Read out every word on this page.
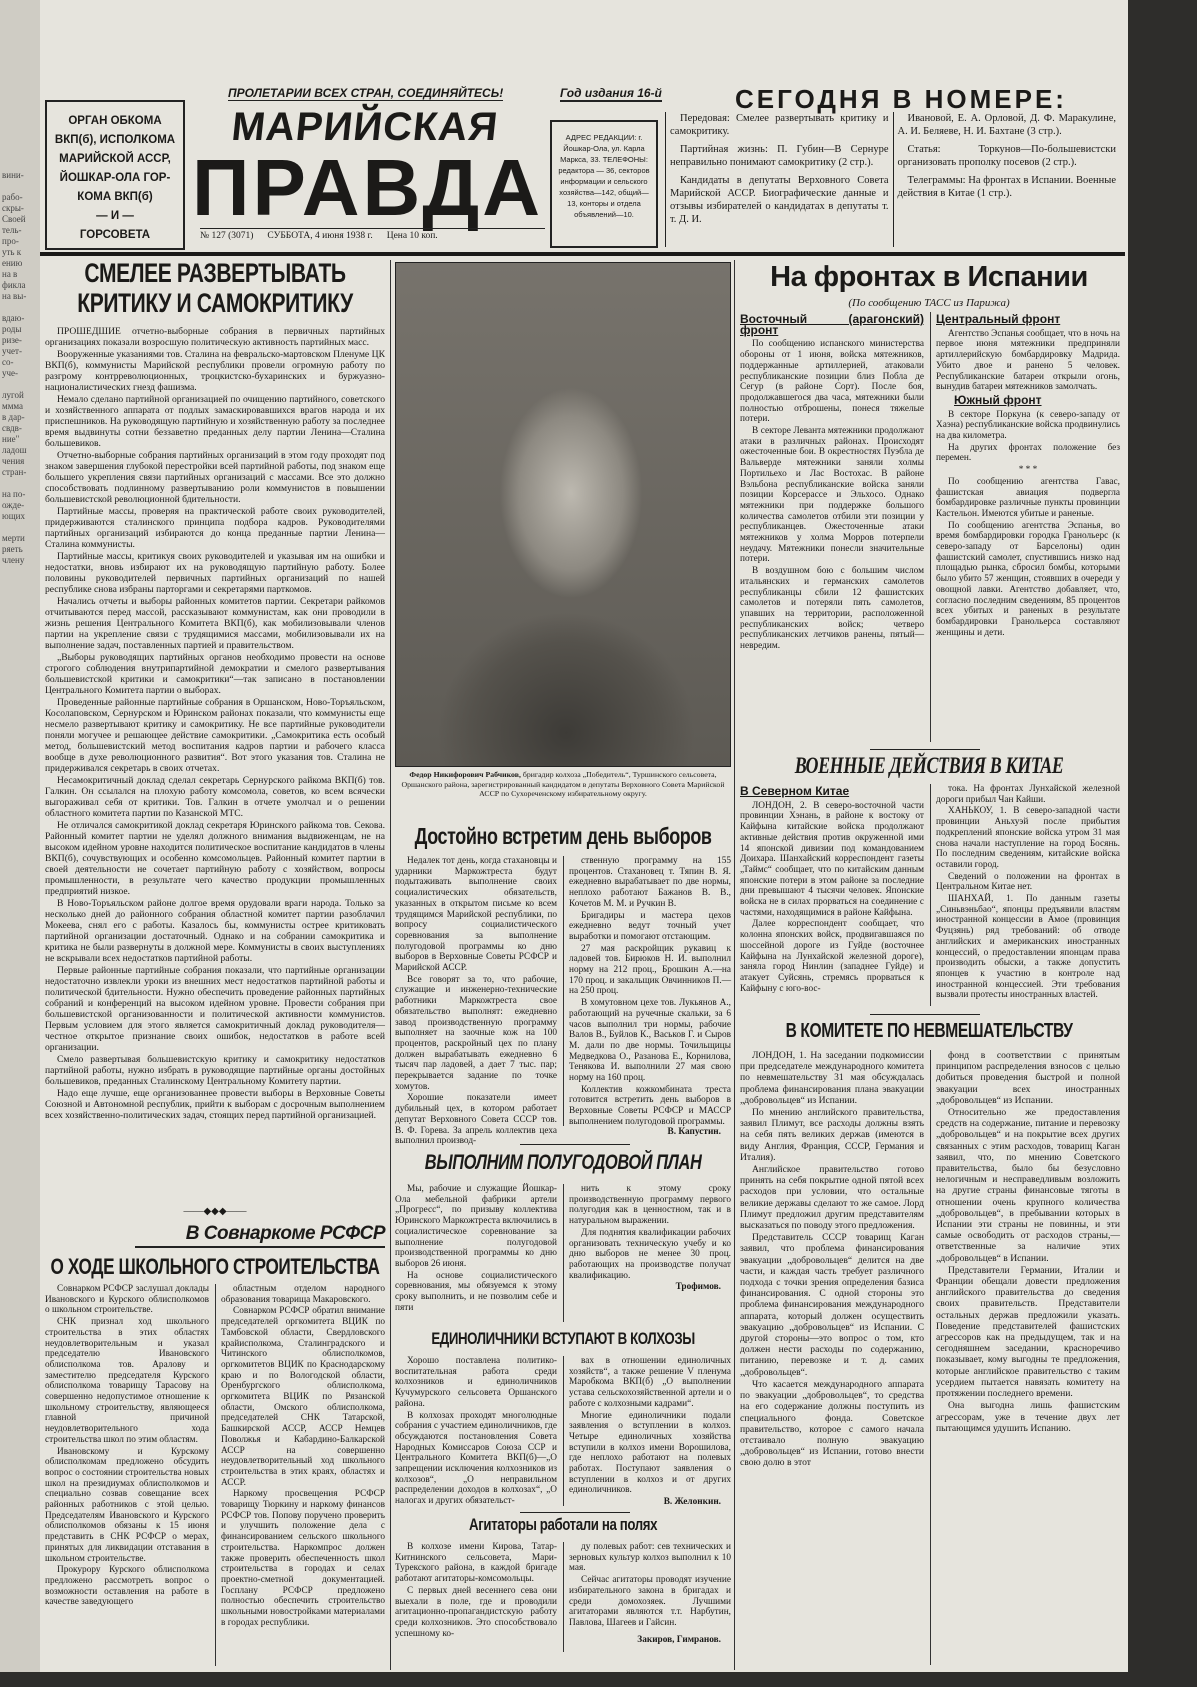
вини-

рабо-
скры-
Своей
тель-
про-
уть к
ению
на в
фикла
на вы-

вдаю-
роды
ризе-
учет-
со-
уче-

лугой
ммма
в дар-
свдв-
ние"
ладош
чения
стран-

на по-
ожде-
ющих

мерти
ряеть
члену
ОРГАН ОБКОМА
ВКП(б), ИСПОЛКОМА
МАРИЙСКОЙ АССР,
ЙОШКАР-ОЛА ГОР-
КОМА ВКП(б)
— И —
ГОРСОВЕТА
ПРОЛЕТАРИИ ВСЕХ СТРАН, СОЕДИНЯЙТЕСЬ!	Год издания 16-й
МАРИЙСКАЯ
ПРАВДА
№ 127 (3071) СУББОТА, 4 июня 1938 г. Цена 10 коп.
АДРЕС РЕДАКЦИИ: г. Йошкар-Ола, ул. Карла Маркса, 33. ТЕЛЕФОНЫ: редактора — 36, секторов информации и сельского хозяйства—142, общий—13, конторы и отдела объявлений—10.
СЕГОДНЯ В НОМЕРЕ:

Передовая: Смелее развертывать критику и самокритику.

Партийная жизнь: П. Губин—В Сернуре неправильно понимают самокритику (2 стр.).

Кандидаты в депутаты Верховного Совета Марийской АССР. Биографические данные и отзывы избирателей о кандидатах в депутаты т. т. Д. И.

Ивановой, Е. А. Орловой, Д. Ф. Маракулине, А. И. Беляеве, Н. И. Бахтане (3 стр.).

Статья: Торкунов—По-большевистски организовать прополку посевов (2 стр.).

Телеграммы: На фронтах в Испании. Военные действия в Китае (1 стр.).

СМЕЛЕЕ РАЗВЕРТЫВАТЬ КРИТИКУ И САМОКРИТИКУ

ПРОШЕДШИЕ отчетно-выборные собрания в первичных партийных организациях показали возросшую политическую активность партийных масс.

Вооруженные указаниями тов. Сталина на февральско-мартовском Пленуме ЦК ВКП(б), коммунисты Марийской республики провели огромную работу по разгрому контрреволюционных, троцкистско-бухаринских и буржуазно-националистических гнезд фашизма.

Немало сделано партийной организацией по очищению партийного, советского и хозяйственного аппарата от подлых замаскировавшихся врагов народа и их приспешников. На руководящую партийную и хозяйственную работу за последнее время выдвинуты сотни беззаветно преданных делу партии Ленина—Сталина большевиков.

Отчетно-выборные собрания партийных организаций в этом году проходят под знаком завершения глубокой перестройки всей партийной работы, под знаком еще большего укрепления связи партийных организаций с массами. Все это должно способствовать подлинному развертыванию роли коммунистов в повышении большевистской революционной бдительности.

Партийные массы, проверяя на практической работе своих руководителей, придерживаются сталинского принципа подбора кадров. Руководителями партийных организаций избираются до конца преданные партии Ленина—Сталина коммунисты.

Партийные массы, критикуя своих руководителей и указывая им на ошибки и недостатки, вновь избирают их на руководящую партийную работу. Более половины руководителей первичных партийных организаций по нашей республике снова избраны парторгами и секретарями парткомов.

Начались отчеты и выборы районных комитетов партии. Секретари райкомов отчитываются перед массой, рассказывают коммунистам, как они проводили в жизнь решения Центрального Комитета ВКП(б), как мобилизовывали членов партии на укрепление связи с трудящимися массами, мобилизовывали их на выполнение задач, поставленных партией и правительством.

„Выборы руководящих партийных органов необходимо провести на основе строгого соблюдения внутрипартийной демократии и смелого развертывания большевистской критики и самокритики“—так записано в постановлении Центрального Комитета партии о выборах.

Проведенные районные партийные собрания в Оршанском, Ново-Торъяльском, Косолаповском, Сернурском и Юринском районах показали, что коммунисты еще несмело развертывают критику и самокритику. Не все партийные руководители поняли могучее и решающее действие самокритики. „Самокритика есть особый метод, большевистский метод воспитания кадров партии и рабочего класса вообще в духе революционного развития“. Вот этого указания тов. Сталина не придерживался секретарь в своих отчетах.

Несамокритичный доклад сделал секретарь Сернурского райкома ВКП(б) тов. Галкин. Он ссылался на плохую работу комсомола, советов, ко всем всячески выгораживал себя от критики. Тов. Галкин в отчете умолчал и о решении областного комитета партии по Казанской МТС.

Не отличался самокритикой доклад секретаря Юринского райкома тов. Секова. Районный комитет партии не уделял должного внимания выдвиженцам, не на высоком идейном уровне находится политическое воспитание кандидатов в члены ВКП(б), сочувствующих и особенно комсомольцев. Районный комитет партии в своей деятельности не сочетает партийную работу с хозяйством, вопросы промышленности, в результате чего качество продукции промышленных предприятий низкое.

В Ново-Торъяльском районе долгое время орудовали враги народа. Только за несколько дней до районного собрания областной комитет партии разоблачил Мокеева, снял его с работы. Казалось бы, коммунисты острее критиковать партийной организации достаточный. Однако и на собрании самокритика и критика не были развернуты в должной мере. Коммунисты в своих выступлениях не вскрывали всех недостатков партийной работы.

Первые районные партийные собрания показали, что партийные организации недостаточно извлекли уроки из внешних мест недостатков партийной работы и политической бдительности. Нужно обеспечить проведение районных партийных собраний и конференций на высоком идейном уровне. Провести собрания при большевистской организованности и политической активности коммунистов. Первым условием для этого является самокритичный доклад руководителя—честное открытое признание своих ошибок, недостатков в работе всей организации.

Смело развертывая большевистскую критику и самокритику недостатков партийной работы, нужно избрать в руководящие партийные органы достойных большевиков, преданных Сталинскому Центральному Комитету партии.

Надо еще лучше, еще организованнее провести выборы в Верховные Советы Союзной и Автономной республик, прийти к выборам с досрочным выполнением всех хозяйственно-политических задач, стоящих перед партийной организацией.

——◆◆◆——
В Совнаркоме РСФСР
О ХОДЕ ШКОЛЬНОГО СТРОИТЕЛЬСТВА

Совнарком РСФСР заслушал доклады Ивановского и Курского облисполкомов о школьном строительстве.

СНК признал ход школьного строительства в этих областях неудовлетворительным и указал председателю Ивановского облисполкома тов. Аралову и заместителю председателя Курского облисполкома товарищу Тарасову на совершенно недопустимое отношение к школьному строительству, являющееся главной причиной неудовлетворительного хода строительства школ по этим областям.

Ивановскому и Курскому облисполкомам предложено обсудить вопрос о состоянии строительства новых школ на президиумах облисполкомов и специально созвав совещание всех районных работников с этой целью. Председателям Ивановского и Курского облисполкомов обязаны к 15 июня представить в СНК РСФСР о мерах, принятых для ликвидации отставания в школьном строительстве.

Прокурору Курского облисполкома предложено рассмотреть вопрос о возможности оставления на работе в качестве заведующего

областным отделом народного образования товарища Макаровского.

Совнарком РСФСР обратил внимание председателей оргкомитета ВЦИК по Тамбовской области, Свердловского крайисполкома, Сталинградского и Читинского облисполкомов, оргкомитетов ВЦИК по Краснодарскому краю и по Вологодской области, Оренбургского облисполкома, оргкомитета ВЦИК по Рязанской области, Омского облисполкома, председателей СНК Татарской, Башкирской АССР, АССР Немцев Поволжья и Кабардино-Балкарской АССР на совершенно неудовлетворительный ход школьного строительства в этих краях, областях и АССР.

Наркому просвещения РСФСР товарищу Тюркину и наркому финансов РСФСР тов. Попову поручено проверить и улучшить положение дела с финансированием сельского школьного строительства. Наркомпрос должен также проверить обеспеченность школ строительства в городах и селах проектно-сметной документацией. Госплану РСФСР предложено полностью обеспечить строительство школьными новостройками материалами в городах республики.

Федор Никифорович Рабчиков, бригадир колхоза „Победитель“, Туршинского сельсовета, Оршанского района, зарегистрированный кандидатом в депутаты Верховного Совета Марийской АССР по Сухореченскому избирательному округу.
Достойно встретим день выборов

Недалек тот день, когда стахановцы и ударники Маркожтреста будут подытаживать выполнение своих социалистических обязательств, указанных в открытом письме ко всем трудящимся Марийской республики, по вопросу социалистического соревнования за выполнение полугодовой программы ко дню выборов в Верховные Советы РСФСР и Марийской АССР.

Все говорят за то, что рабочие, служащие и инженерно-технические работники Маркожтреста свое обязательство выполнят: ежедневно завод производственную программу выполняет на заочные кож на 100 процентов, раскройный цех по плану должен вырабатывать ежедневно 6 тысяч пар ладовей, а дает 7 тыс. пар; перекрывается задание по точке хомутов.

Хорошие показатели имеет дубильный цех, в котором работает депутат Верховного Совета СССР тов. В. Ф. Горева. За апрель коллектив цеха выполнил производ-

ственную программу на 155 процентов. Стахановец т. Тяпин В. Я. ежедневно вырабатывает по две нормы, неплохо работают Бажанов В. В., Кочетов М. М. и Ручкин В.

Бригадиры и мастера цехов ежедневно ведут точный учет выработки и помогают отстающим.

27 мая раскройщик рукавиц к ладовей тов. Бирюков Н. И. выполнил норму на 212 проц., Брошкин А.—на 170 проц. и закальщик Овчинников П.—на 250 проц.

В хомутовном цехе тов. Лукьянов А., работающий на ручечные скальки, за 6 часов выполнил три нормы, рабочие Валов В., Буйлов К., Васьков Г. и Сыров М. дали по две нормы. Точильщицы Медведкова О., Разанова Е., Корнилова, Тенякова И. выполнили 27 мая свою норму на 160 проц.

Коллектив кожкомбината треста готовится встретить день выборов в Верховные Советы РСФСР и МАССР выполнением полугодовой программы.

В. Капустин.
ВЫПОЛНИМ ПОЛУГОДОВОЙ ПЛАН

Мы, рабочие и служащие Йошкар-Ола мебельной фабрики артели „Прогресс“, по призыву коллектива Юринского Маркожтреста включились в социалистическое соревнование за выполнение полугодовой производственной программы ко дню выборов 26 июня.

На основе социалистического соревнования, мы обязуемся к этому сроку выполнить, и не позволим себе и пяти

нить к этому сроку производственную программу первого полугодия как в ценностном, так и в натуральном выражении.

Для поднятия квалификации рабочих организовать техническую учебу и ко дню выборов не менее 30 проц. работающих на производстве получат квалификацию.

Трофимов.
ЕДИНОЛИЧНИКИ ВСТУПАЮТ В КОЛХОЗЫ

Хорошо поставлена политико-воспитательная работа среди колхозников и единоличников Кучумурского сельсовета Оршанского района.

В колхозах проходят многолюдные собрания с участием единоличников, где обсуждаются постановления Совета Народных Комиссаров Союза ССР и Центрального Комитета ВКП(б)—„О запрещении исключения колхозников из колхозов“, „О неправильном распределении доходов в колхозах“, „О налогах и других обязательст-

вах в отношении единоличных хозяйств“, а также решение V пленума Маробкома ВКП(б) „О выполнении устава сельскохозяйственной артели и о работе с колхозными кадрами“.

Многие единоличники подали заявления о вступлении в колхоз. Четыре единоличных хозяйства вступили в колхоз имени Ворошилова, где неплохо работают на полевых работах. Поступают заявления о вступлении в колхоз и от других единоличников.

В. Желонкин.
Агитаторы работали на полях

В колхозе имени Кирова, Татар-Китнинского сельсовета, Мари-Турекского района, в каждой бригаде работают агитаторы-комсомольцы.

С первых дней весеннего сева они выехали в поле, где и проводили агитационно-пропагандистскую работу среди колхозников. Это способствовало успешному ко-

ду полевых работ: сев технических и зерновых культур колхоз выполнил к 10 мая.

Сейчас агитаторы проводят изучение избирательного закона в бригадах и среди домохозяек. Лучшими агитаторами являются т.т. Нарбутин, Павлова, Шагеев и Гайсин.

Закиров, Гимранов.
На фронтах в Испании
(По сообщению ТАСС из Парижа)
Восточный (арагонский) фронт

По сообщению испанского министерства обороны от 1 июня, войска мятежников, поддержанные артиллерией, атаковали республиканские позиции близ Побла де Сегур (в районе Сорт). После боя, продолжавшегося два часа, мятежники были полностью отброшены, понеся тяжелые потери.

В секторе Леванта мятежники продолжают атаки в различных районах. Происходят ожесточенные бои. В окрестностях Пуэбла де Вальверде мятежники заняли холмы Портильехо и Лас Востохас. В районе Вэльбона республиканские войска заняли позиции Корсерассе и Эльхосо. Однако мятежники при поддержке большого количества самолетов отбили эти позиции у республиканцев. Ожесточенные атаки мятежников у холма Морров потерпели неудачу. Мятежники понесли значительные потери.

В воздушном бою с большим числом итальянских и германских самолетов республиканцы сбили 12 фашистских самолетов и потеряли пять самолетов, упавших на территории, расположенной республиканских войск; четверо республиканских летчиков ранены, пятый—невредим.

Центральный фронт

Агентство Эспанья сообщает, что в ночь на первое июня мятежники предприняли артиллерийскую бомбардировку Мадрида. Убито двое и ранено 5 человек. Республиканские батареи открыли огонь, вынудив батареи мятежников замолчать.

Южный фронт

В секторе Поркуна (к северо-западу от Хаэна) республиканские войска продвинулись на два километра.

На других фронтах положение без перемен.

* * *

По сообщению агентства Гавас, фашистская авиация подвергла бомбардировке различные пункты провинции Кастельон. Имеются убитые и раненые.

По сообщению агентства Эспанья, во время бомбардировки городка Гранольерс (к северо-западу от Барселоны) один фашистский самолет, спустившись низко над площадью рынка, сбросил бомбы, которыми было убито 57 женщин, стоявших в очереди у овощной лавки. Агентство добавляет, что, согласно последним сведениям, 85 процентов всех убитых и раненых в результате бомбардировки Гранольерса составляют женщины и дети.

ВОЕННЫЕ ДЕЙСТВИЯ В КИТАЕ
В Северном Китае

ЛОНДОН, 2. В северо-восточной части провинции Хэнань, в районе к востоку от Кайфына китайские войска продолжают активные действия против окруженной ими 14 японской дивизии под командованием Доихара. Шанхайский корреспондент газеты „Таймс“ сообщает, что по китайским данным японские потери в этом районе за последние дни превышают 4 тысячи человек. Японские войска не в силах прорваться на соединение с частями, находящимися в районе Кайфына.

Далее корреспондент сообщает, что колонна японских войск, продвигавшаяся по шоссейной дороге из Гуйде (восточнее Кайфына на Лунхайской железной дороге), заняла город Нинлин (западнее Гуйде) и атакует Суйсянь, стремясь прорваться к Кайфыну с юго-вос-

тока. На фронтах Лунхайской железной дороги прибыл Чан Кайши.

ХАНЬКОУ, 1. В северо-западной части провинции Аньхуэй после прибытия подкреплений японские войска утром 31 мая снова начали наступление на город Босянь. По последним сведениям, китайские войска оставили город.

Сведений о положении на фронтах в Центральном Китае нет.

ШАНХАЙ, 1. По данным газеты „Синьвэньбао“, японцы предъявили властям иностранной концессии в Амое (провинция Фуцзянь) ряд требований: об отводе английских и американских иностранных концессий, о предоставлении японцам права производить обыски, а также допустить японцев к участию в контроле над иностранной концессией. Эти требования вызвали протесты иностранных властей.

В КОМИТЕТЕ ПО НЕВМЕШАТЕЛЬСТВУ

ЛОНДОН, 1. На заседании подкомиссии при председателе международного комитета по невмешательству 31 мая обсуждалась проблема финансирования плана эвакуации „добровольцев“ из Испании.

По мнению английского правительства, заявил Плимут, все расходы должны взять на себя пять великих держав (имеются в виду Англия, Франция, СССР, Германия и Италия).

Английское правительство готово принять на себя покрытие одной пятой всех расходов при условии, что остальные великие державы сделают то же самое. Лорд Плимут предложил другим представителям высказаться по поводу этого предложения.

Представитель СССР товарищ Каган заявил, что проблема финансирования эвакуации „добровольцев“ делится на две части, и каждая часть требует различного подхода с точки зрения определения базиса финансирования. С одной стороны это проблема финансирования международного аппарата, который должен осуществить эвакуацию „добровольцев“ из Испании. С другой стороны—это вопрос о том, кто должен нести расходы по содержанию, питанию, перевозке и т. д. самих „добровольцев“.

Что касается международного аппарата по эвакуации „добровольцев“, то средства на его содержание должны поступить из специального фонда. Советское правительство, которое с самого начала отстаивало полную эвакуацию „добровольцев“ из Испании, готово внести свою долю в этот

фонд в соответствии с принятым принципом распределения взносов с целью добиться проведения быстрой и полной эвакуации всех иностранных „добровольцев“ из Испании.

Относительно же предоставления средств на содержание, питание и перевозку „добровольцев“ и на покрытие всех других связанных с этим расходов, товарищ Каган заявил, что, по мнению Советского правительства, было бы безусловно нелогичным и несправедливым возложить на другие страны финансовые тяготы в отношении очень крупного количества „добровольцев“, в пребывании которых в Испании эти страны не повинны, и эти самые освободить от расходов страны,—ответственные за наличие этих „добровольцев“ в Испании.

Представители Германии, Италии и Франции обещали довести предложения английского правительства до сведения своих правительств. Представители остальных держав предложили указать. Поведение представителей фашистских агрессоров как на предыдущем, так и на сегодняшнем заседании, красноречиво показывает, кому выгодны те предложения, которые английское правительство с таким усердием пытается навязать комитету на протяжении последнего времени.

Она выгодна лишь фашистским агрессорам, уже в течение двух лет пытающимся удушить Испанию.
